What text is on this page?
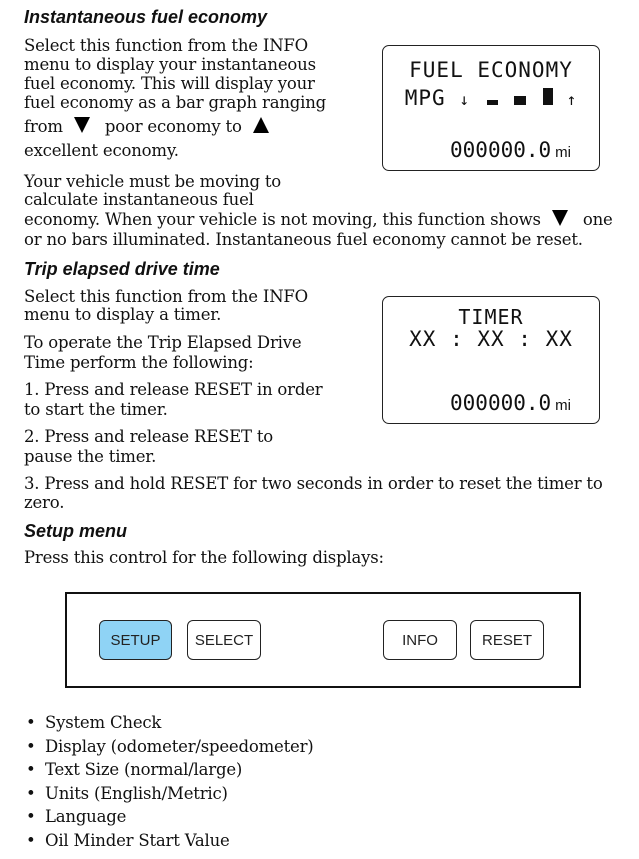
Instantaneous fuel economy
Select this function from the INFO
menu to display your instantaneous
fuel economy. This will display your
fuel economy as a bar graph ranging
from	poor economy to
excellent economy.
Your vehicle must be moving to
calculate instantaneous fuel
economy. When your vehicle is not moving, this function shows	one
or no bars illuminated. Instantaneous fuel economy cannot be reset.
FUEL ECONOMY
MPG ↓	↑
000000.0 mi
Trip elapsed drive time
Select this function from the INFO
menu to display a timer.
To operate the Trip Elapsed Drive
Time perform the following:
1. Press and release RESET in order
to start the timer.
2. Press and release RESET to
pause the timer.
3. Press and hold RESET for two seconds in order to reset the timer to
zero.
TIMER
XX : XX : XX
000000.0 mi
Setup menu
Press this control for the following displays:
SETUP	SELECT	INFO	RESET
• System Check
• Display (odometer/speedometer)
• Text Size (normal/large)
• Units (English/Metric)
• Language
• Oil Minder Start Value
